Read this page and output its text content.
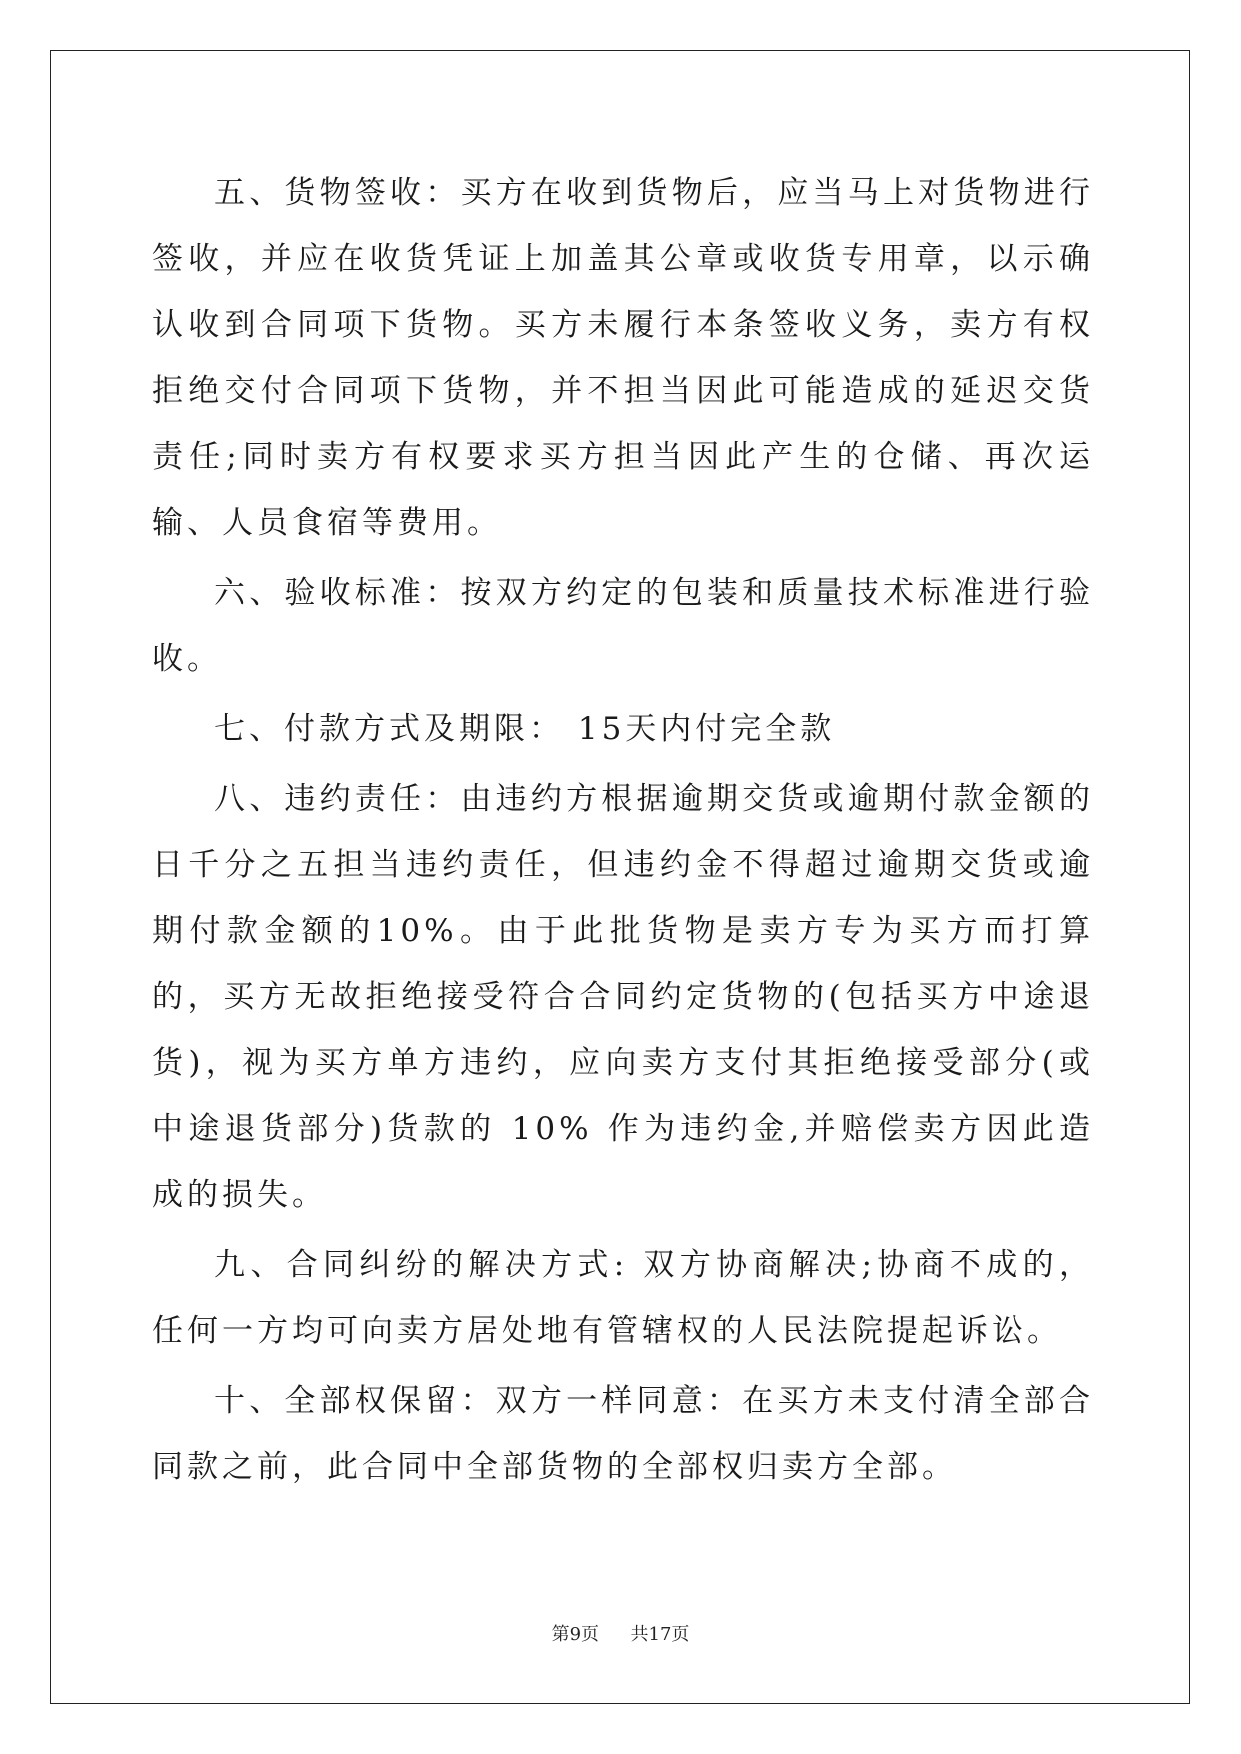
五、货物签收：买方在收到货物后，应当马上对货物进行签收，并应在收货凭证上加盖其公章或收货专用章，以示确认收到合同项下货物。买方未履行本条签收义务，卖方有权拒绝交付合同项下货物，并不担当因此可能造成的延迟交货责任;同时卖方有权要求买方担当因此产生的仓储、再次运输、人员食宿等费用。

六、验收标准：按双方约定的包装和质量技术标准进行验收。

七、付款方式及期限： 15天内付完全款

八、违约责任：由违约方根据逾期交货或逾期付款金额的日千分之五担当违约责任，但违约金不得超过逾期交货或逾期付款金额的10%。由于此批货物是卖方专为买方而打算的，买方无故拒绝接受符合合同约定货物的(包括买方中途退货)，视为买方单方违约，应向卖方支付其拒绝接受部分(或中途退货部分)货款的 10% 作为违约金,并赔偿卖方因此造成的损失。

九、合同纠纷的解决方式: 双方协商解决;协商不成的，任何一方均可向卖方居处地有管辖权的人民法院提起诉讼。

十、全部权保留：双方一样同意：在买方未支付清全部合同款之前，此合同中全部货物的全部权归卖方全部。

第9页 共17页
